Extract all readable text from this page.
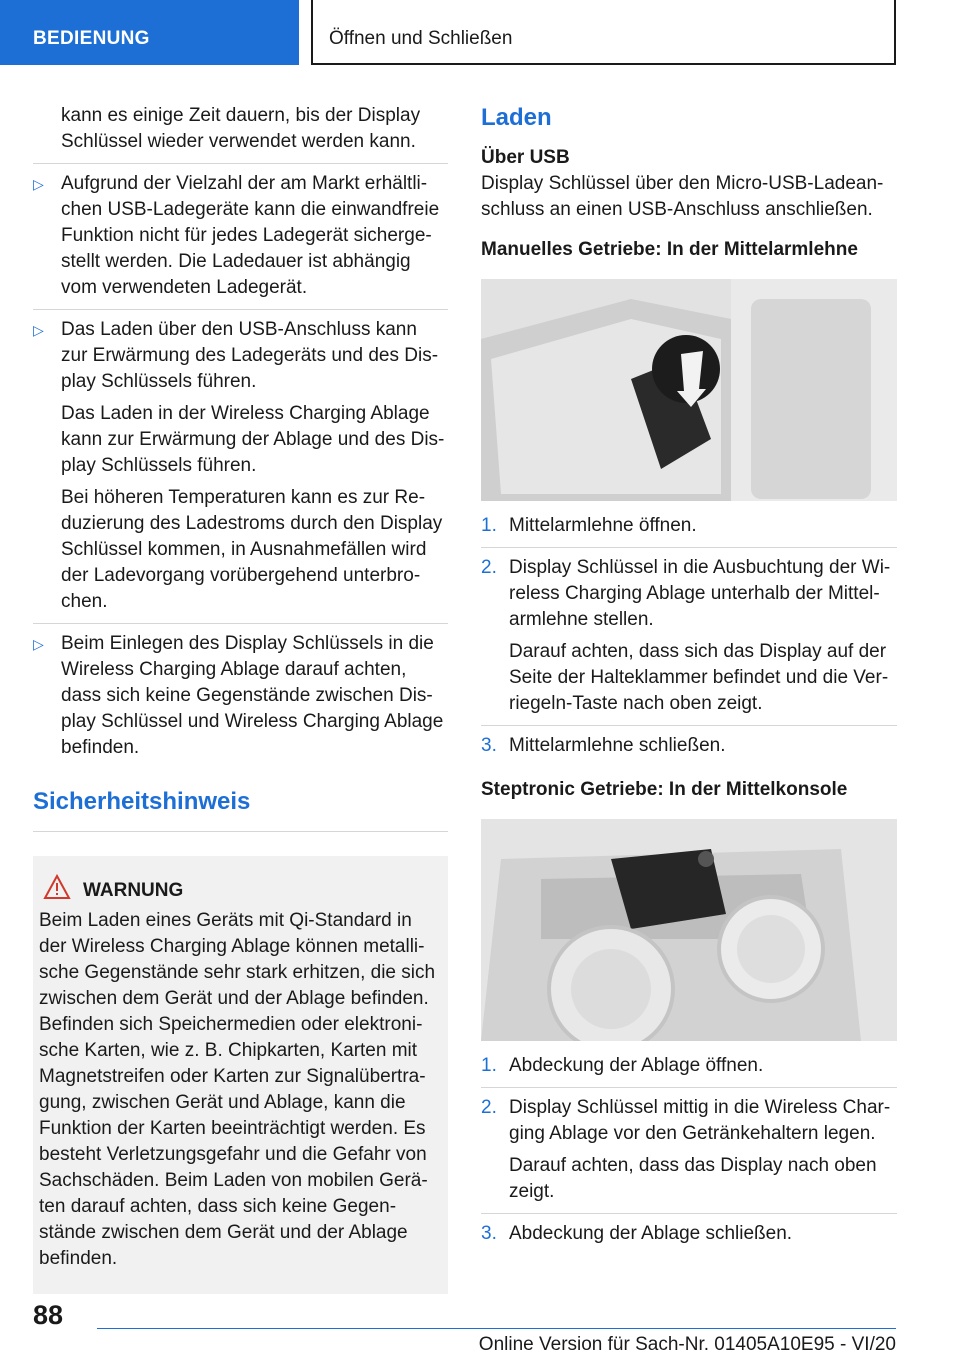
BEDIENUNG	Öffnen und Schließen
kann es einige Zeit dauern, bis der Display Schlüssel wieder verwendet werden kann.
▷ Aufgrund der Vielzahl der am Markt erhältlichen USB-Ladegeräte kann die einwandfreie Funktion nicht für jedes Ladegerät sichergestellt werden. Die Ladedauer ist abhängig vom verwendeten Ladegerät.
▷ Das Laden über den USB-Anschluss kann zur Erwärmung des Ladegeräts und des Display Schlüssels führen.
Das Laden in der Wireless Charging Ablage kann zur Erwärmung der Ablage und des Display Schlüssels führen.
Bei höheren Temperaturen kann es zur Reduzierung des Ladestroms durch den Display Schlüssel kommen, in Ausnahmefällen wird der Ladevorgang vorübergehend unterbrochen.
▷ Beim Einlegen des Display Schlüssels in die Wireless Charging Ablage darauf achten, dass sich keine Gegenstände zwischen Display Schlüssel und Wireless Charging Ablage befinden.
Sicherheitshinweis
WARNUNG
Beim Laden eines Geräts mit Qi-Standard in der Wireless Charging Ablage können metallische Gegenstände sehr stark erhitzen, die sich zwischen dem Gerät und der Ablage befinden. Befinden sich Speichermedien oder elektronische Karten, wie z. B. Chipkarten, Karten mit Magnetstreifen oder Karten zur Signalübertragung, zwischen Gerät und Ablage, kann die Funktion der Karten beeinträchtigt werden. Es besteht Verletzungsgefahr und die Gefahr von Sachschäden. Beim Laden von mobilen Geräten darauf achten, dass sich keine Gegenstände zwischen dem Gerät und der Ablage befinden.
Laden
Über USB
Display Schlüssel über den Micro-USB-Ladeanschluss an einen USB-Anschluss anschließen.
Manuelles Getriebe: In der Mittelarmlehne
1. Mittelarmlehne öffnen.
2. Display Schlüssel in die Ausbuchtung der Wireless Charging Ablage unterhalb der Mittelarmlehne stellen.
Darauf achten, dass sich das Display auf der Seite der Halteklammer befindet und die Verriegeln-Taste nach oben zeigt.
3. Mittelarmlehne schließen.
Steptronic Getriebe: In der Mittelkonsole
1. Abdeckung der Ablage öffnen.
2. Display Schlüssel mittig in die Wireless Charging Ablage vor den Getränkehaltern legen.
Darauf achten, dass das Display nach oben zeigt.
3. Abdeckung der Ablage schließen.
88
Online Version für Sach-Nr. 01405A10E95 - VI/20
